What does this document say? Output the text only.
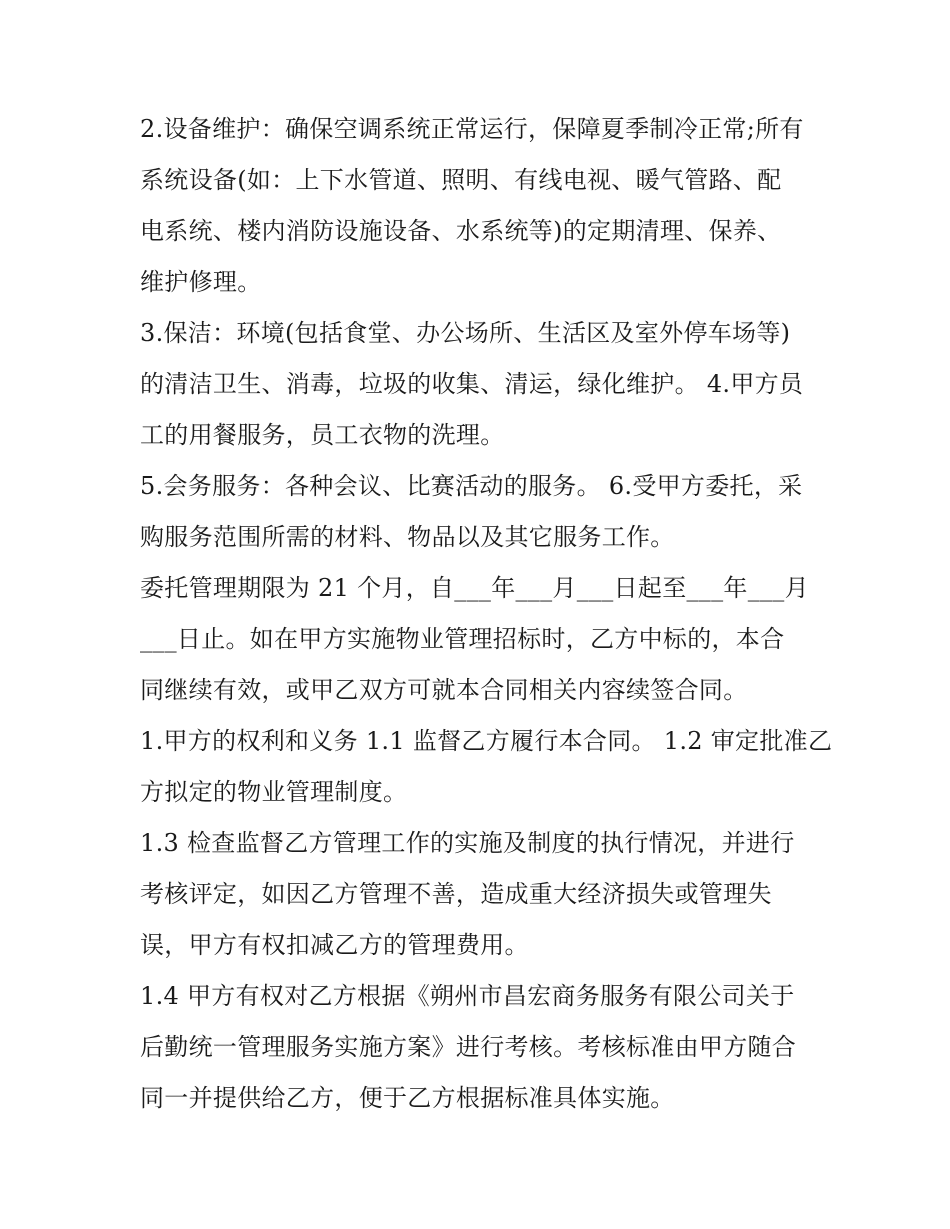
2.设备维护：确保空调系统正常运行，保障夏季制冷正常;所有
系统设备(如：上下水管道、照明、有线电视、暖气管路、配
电系统、楼内消防设施设备、水系统等)的定期清理、保养、
维护修理。
3.保洁：环境(包括食堂、办公场所、生活区及室外停车场等)
的清洁卫生、消毒，垃圾的收集、清运，绿化维护。 4.甲方员
工的用餐服务，员工衣物的洗理。
5.会务服务：各种会议、比赛活动的服务。 6.受甲方委托，采
购服务范围所需的材料、物品以及其它服务工作。
委托管理期限为 21 个月，自___年___月___日起至___年___月
___日止。如在甲方实施物业管理招标时，乙方中标的，本合
同继续有效，或甲乙双方可就本合同相关内容续签合同。
1.甲方的权利和义务 1.1 监督乙方履行本合同。 1.2 审定批准乙
方拟定的物业管理制度。
1.3 检查监督乙方管理工作的实施及制度的执行情况，并进行
考核评定，如因乙方管理不善，造成重大经济损失或管理失
误，甲方有权扣减乙方的管理费用。
1.4 甲方有权对乙方根据《朔州市昌宏商务服务有限公司关于
后勤统一管理服务实施方案》进行考核。考核标准由甲方随合
同一并提供给乙方，便于乙方根据标准具体实施。
